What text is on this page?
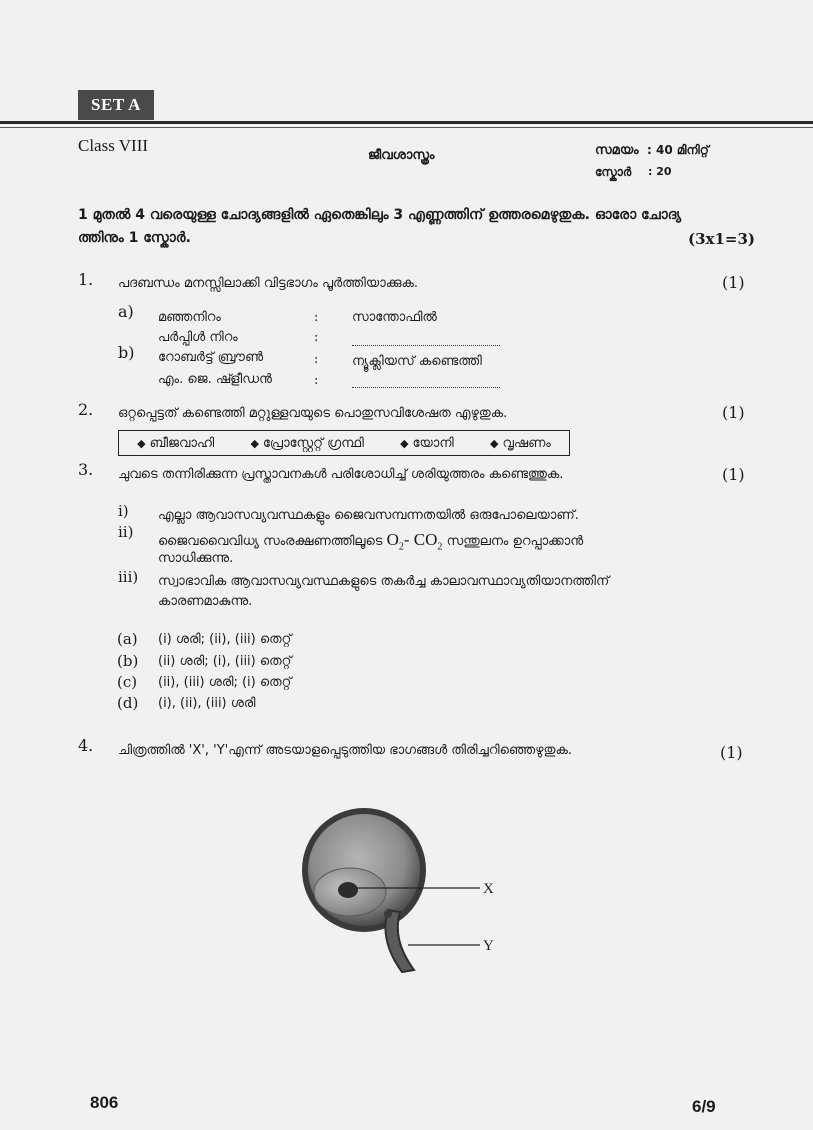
SET A
Class VIII
ജീവശാസ്ത്രം	സമയം : 40 മിനിറ്റ്
സ്കോർ : 20
1 മുതൽ 4 വരെയുള്ള ചോദ്യങ്ങളിൽ ഏതെങ്കിലും 3 എണ്ണത്തിന് ഉത്തരമെഴുതുക. ഓരോ ചോദ്യ
ത്തിനും 1 സ്കോർ.	(3x1=3)
1. പദബന്ധം മനസ്സിലാക്കി വിട്ടഭാഗം പൂർത്തിയാക്കുക.	(1)
a) മഞ്ഞനിറം	:	സാന്തോഫിൽ
പർപ്പിൾ നിറം	:
b) റോബർട്ട് ബ്രൗൺ	:	ന്യൂക്ലിയസ് കണ്ടെത്തി
എം. ജെ. ഷ്ളീഡൻ	:
2. ഒറ്റപ്പെട്ടത് കണ്ടെത്തി മറ്റുള്ളവയുടെ പൊതുസവിശേഷത എഴുതുക.	(1)
◆ ബീജവാഹി	◆ പ്രോസ്റ്റേറ്റ് ഗ്രന്ഥി	◆ യോനി	◆ വൃഷണം
3. ചുവടെ തന്നിരിക്കുന്ന പ്രസ്താവനകൾ പരിശോധിച്ച് ശരിയുത്തരം കണ്ടെത്തുക.	(1)
i) എല്ലാ ആവാസവ്യവസ്ഥകളും ജൈവസമ്പന്നതയിൽ ഒരുപോലെയാണ്.
ii)
ജൈവവൈവിധ്യ സംരക്ഷണത്തിലൂടെ $O_2-$ $CO_2$ സന്തുലനം ഉറപ്പാക്കാൻ
സാധിക്കുന്നു.
iii) സ്വാഭാവിക ആവാസവ്യവസ്ഥകളുടെ തകർച്ച കാലാവസ്ഥാവ്യതിയാനത്തിന്
കാരണമാകുന്നു.
(a) (i) ശരി; (ii), (iii) തെറ്റ്
(b) (ii) ശരി; (i), (iii) തെറ്റ്
(c) (ii), (iii) ശരി; (i) തെറ്റ്
(d) (i), (ii), (iii) ശരി
4. ചിത്രത്തിൽ 'X', 'Y'എന്ന് അടയാളപ്പെടുത്തിയ ഭാഗങ്ങൾ തിരിച്ചറിഞ്ഞെഴുതുക.	(1)
X
Y
806	6/9
